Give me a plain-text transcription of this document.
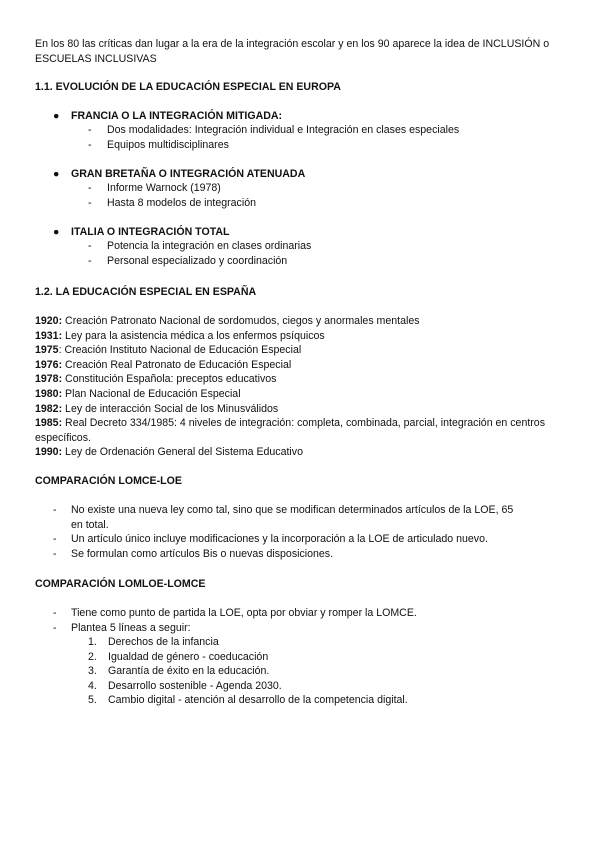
En los 80 las críticas dan lugar a la era de la integración escolar y en los 90 aparece la idea de INCLUSIÓN o ESCUELAS INCLUSIVAS

1.1. EVOLUCIÓN DE LA EDUCACIÓN ESPECIAL EN EUROPA

● FRANCIA O LA INTEGRACIÓN MITIGADA:

- Dos modalidades: Integración individual e Integración en clases especiales
- Equipos multidisciplinares

● GRAN BRETAÑA O INTEGRACIÓN ATENUADA

- Informe Warnock (1978)
- Hasta 8 modelos de integración

● ITALIA O INTEGRACIÓN TOTAL

- Potencia la integración en clases ordinarias
- Personal especializado y coordinación

1.2. LA EDUCACIÓN ESPECIAL EN ESPAÑA

1920: Creación Patronato Nacional de sordomudos, ciegos y anormales mentales

1931: Ley para la asistencia médica a los enfermos psíquicos

1975: Creación Instituto Nacional de Educación Especial

1976: Creación Real Patronato de Educación Especial

1978: Constitución Española: preceptos educativos

1980: Plan Nacional de Educación Especial

1982: Ley de interacción Social de los Minusválidos

1985: Real Decreto 334/1985: 4 niveles de integración: completa, combinada, parcial, integración en centros específicos.

1990: Ley de Ordenación General del Sistema Educativo

COMPARACIÓN LOMCE-LOE

- No existe una nueva ley como tal, sino que se modifican determinados artículos de la LOE, 65 en total.
- Un artículo único incluye modificaciones y la incorporación a la LOE de articulado nuevo.
- Se formulan como artículos Bis o nuevas disposiciones.

COMPARACIÓN LOMLOE-LOMCE

- Tiene como punto de partida la LOE, opta por obviar y romper la LOMCE.
- Plantea 5 líneas a seguir:
1. Derechos de la infancia
2. Igualdad de género - coeducación
3. Garantía de éxito en la educación.
4. Desarrollo sostenible - Agenda 2030.
5. Cambio digital - atención al desarrollo de la competencia digital.
